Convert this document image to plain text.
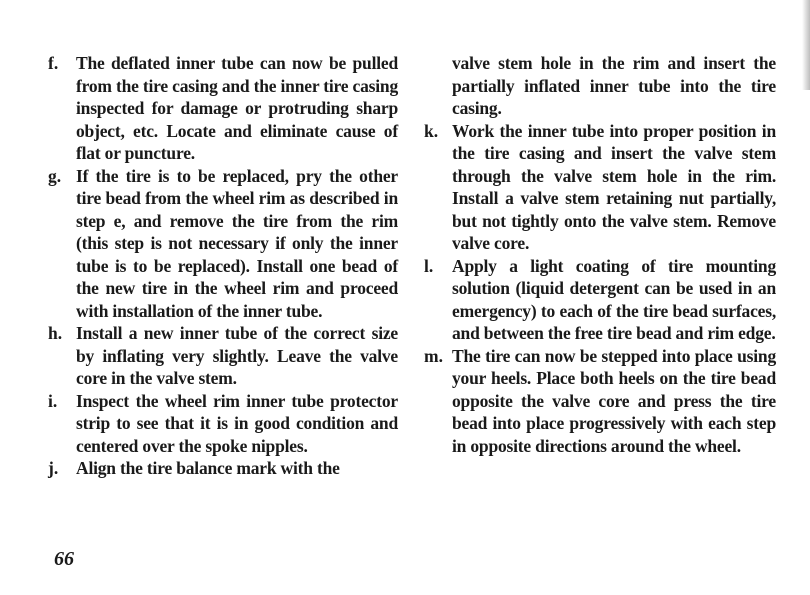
f.	The deflated inner tube can now be pulled from the tire casing and the inner tire casing inspected for damage or protruding sharp object, etc. Locate and eliminate cause of flat or puncture.

g. If the tire is to be replaced, pry the other tire bead from the wheel rim as described in step e, and remove the tire from the rim (this step is not necessary if only the inner tube is to be replaced). Install one bead of the new tire in the wheel rim and proceed with installation of the inner tube.

h. Install a new inner tube of the correct size by inflating very slightly. Leave the valve core in the valve stem.

i.	Inspect the wheel rim inner tube protector strip to see that it is in good condition and centered over the spoke nipples.

j.	Align the tire balance mark with the

valve stem hole in the rim and insert the partially inflated inner tube into the tire casing.

k. Work the inner tube into proper position in the tire casing and insert the valve stem through the valve stem hole in the rim. Install a valve stem retaining nut partially, but not tightly onto the valve stem. Remove valve core.

l.	Apply a light coating of tire mounting solution (liquid detergent can be used in an emergency) to each of the tire bead surfaces, and between the free tire bead and rim edge.

m. The tire can now be stepped into place using your heels. Place both heels on the tire bead opposite the valve core and press the tire bead into place progressively with each step in opposite directions around the wheel.

66
